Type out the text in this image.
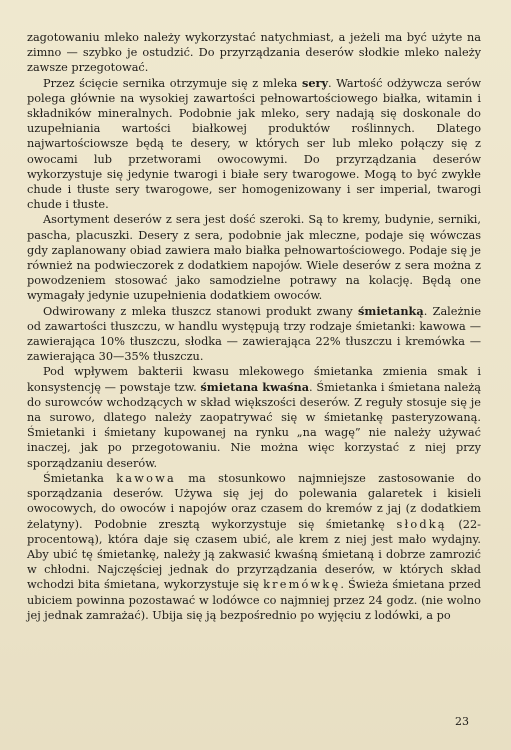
zagotowaniu mleko należy wykorzystać natychmiast, a jeżeli ma być użyte na zimno — szybko je ostudzić. Do przyrządzania deserów słodkie mleko należy zawsze przegotować.

Przez ścięcie sernika otrzymuje się z mleka sery. Wartość odżywcza serów polega głównie na wysokiej zawartości pełnowartościowego białka, witamin i składników mineralnych. Podobnie jak mleko, sery nadają się doskonale do uzupełniania wartości białkowej produktów roślinnych. Dlatego najwartościowsze będą te desery, w których ser lub mleko połączy się z owocami lub przetworami owocowymi. Do przyrządzania deserów wykorzystuje się jedynie twarogi i białe sery twarogowe. Mogą to być zwykłe chude i tłuste sery twarogowe, ser homogenizowany i ser imperial, twarogi chude i tłuste.

Asortyment deserów z sera jest dość szeroki. Są to kremy, budynie, serniki, pascha, placuszki. Desery z sera, podobnie jak mleczne, podaje się wówczas gdy zaplanowany obiad zawiera mało białka pełnowartościowego. Podaje się je również na podwieczorek z dodatkiem napojów. Wiele deserów z sera można z powodzeniem stosować jako samodzielne potrawy na kolację. Będą one wymagały jedynie uzupełnienia dodatkiem owoców.

Odwirowany z mleka tłuszcz stanowi produkt zwany śmietanką. Zależnie od zawartości tłuszczu, w handlu występują trzy rodzaje śmietanki: kawowa — zawierająca 10% tłuszczu, słodka — zawierająca 22% tłuszczu i kremówka — zawierająca 30—35% tłuszczu.

Pod wpływem bakterii kwasu mlekowego śmietanka zmienia smak i konsystencję — powstaje tzw. śmietana kwaśna. Śmietanka i śmietana należą do surowców wchodzących w skład większości deserów. Z reguły stosuje się je na surowo, dlatego należy zaopatrywać się w śmietankę pasteryzowaną. Śmietanki i śmietany kupowanej na rynku „na wagę” nie należy używać inaczej, jak po przegotowaniu. Nie można więc korzystać z niej przy sporządzaniu deserów.

Śmietanka kawowa ma stosunkowo najmniejsze zastosowanie do sporządzania deserów. Używa się jej do polewania galaretek i kisieli owocowych, do owoców i napojów oraz czasem do kremów z jaj (z dodatkiem żelatyny). Podobnie zresztą wykorzystuje się śmietankę słodką (22-procentową), która daje się czasem ubić, ale krem z niej jest mało wydajny. Aby ubić tę śmietankę, należy ją zakwasić kwaśną śmietaną i dobrze zamrozić w chłodni. Najczęściej jednak do przyrządzania deserów, w których skład wchodzi bita śmietana, wykorzystuje się kremówkę. Świeża śmietana przed ubiciem powinna pozostawać w lodówce co najmniej przez 24 godz. (nie wolno jej jednak zamrażać). Ubija się ją bezpośrednio po wyjęciu z lodówki, a po

23
